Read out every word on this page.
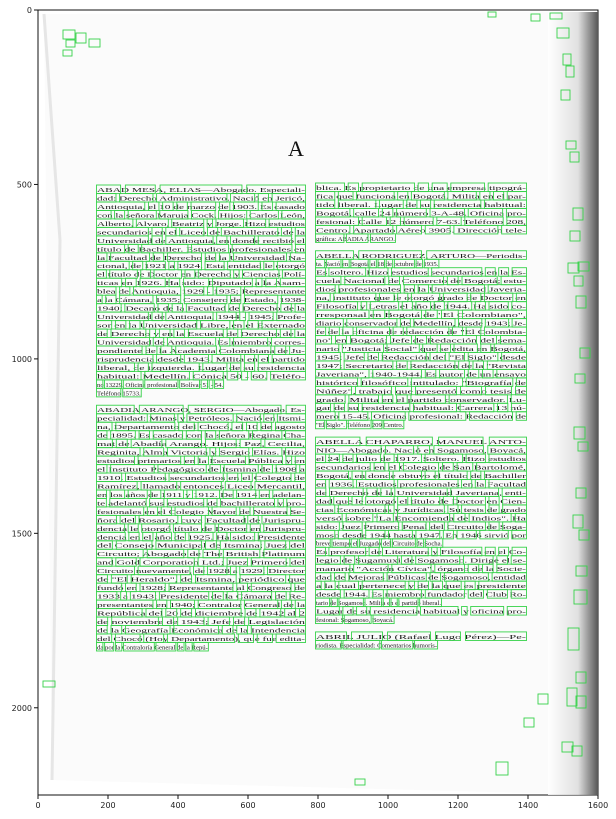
A
0	200	400	600	800	1000	1200	1400	1600
0
500
1000
1500
2000
ABAD MESA, ELIAS—Abogado. Especiali-
dad: Derecho Administrativo. Nació en Jericó,
Antioquia, el 10 de marzo de 1903. Es casado
con la señora Maruja Cock. Hijos: Carlos León,
Alberto, Alvaro, Beatriz y Jorge. Hizo estudios
secundarios en el Liceo de Bachillerato de la
Universidad de Antioquia, en donde recibió el
título de Bachiller. Estudios profesionales en
la Facultad de Derecho de la Universidad Na-
cional, de 1921 a 1924. Esta entidad le otorgó
el título de Doctor en Derecho y Ciencias Polí-
ticas en 1926. Ha sido: Diputado a la Asam-
blea de Antioquia, 1929 - 1935; Representante
a la Cámara, 1935; Consejero de Estado, 1938-
1940; Decano de la Facultad de Derecho de la
Universidad de Antioquia, 1944 - 1945; Profe-
sor en la Universidad Libre, en el Externado
de Derecho y en la Escuela de Derecho de la
Universidad de Antioquia. Es miembro corres-
pondiente de la Academia Colombiana de Ju-
risprudencia desde 1943. Milita en el partido
liberal, de izquierda. Lugar de su residencia
habitual: Medellín. Cónica 50 - 60. Teléfo-
no 13229. Oficina profesional: Bolívar 51 - 54.
Teléfono 15733.
ABADIA ARANGO, SERGIO—Abogado. Es-
pecialidad: Minas y Petróleos. Nació en Itsmi-
na, Departamento del Chocó, el 10 de agosto
de 1895. Es casado con la señora Regina Cha-
mat de Abadía Arango. Hijos: Paz, Cecilia,
Reginita, Alma Victoria y Sergio Elías. Hizo
estudios primarios en la Escuela Pública y en
el Instituto Pedagógico de Itsmina de 1908 a
1910. Estudios secundarios en el Colegio de
Ramírez, llamado entonces Liceo Mercantil,
en los años de 1911 y 1912. De 1914 en adelan-
te adelantó sus estudios de bachillerato y pro-
fesionales en el Colegio Mayor de Nuestra Se-
ñora del Rosario, cuya Facultad de Jurispru-
dencia le otorgó título de Doctor en Jurispru-
dencia en el año de 1925. Ha sido: Presidente
del Consejo Municipal de Itsmina; Juez del
Circuito; Abogado de The British Platinum
and Gold Corporation Ltd.; Juez Primero del
Circuito nuevamente, de 1928 a 1929; Director
de "El Heraldo", de Itsmina, periódico que
fundó en 1928; Representante al Congreso de
1933 a 1943; Presidente de la Cámara de Re-
presentantes en 1940; Contralor General de la
República del 20 de diciembre de 1942 al 2
de noviembre de 1943; Jefe de Legislación
de la Geografía Económica de la Intendencia
del Chocó (Hoy Departamento), que fue edita-
da por la Contraloría General de la Repú-
blica. Es propietario de una empresa tipográ-
fica que funciona en Bogotá. Milita en el par-
tido liberal. Lugar de su residencia habitual:
Bogotá, calle 24 número 3-A-48. Oficina pro-
fesional: Calle 12 número 7-63. Teléfono 208,
Centro. Apartado Aéreo 3905. Dirección tele-
gráfica: ABADIA ARANGO.
ABELLA RODRIGUEZ, ARTURO—Periodis-
ta. Nació en Bogotá el 18 de octubre de 1935.
Es soltero. Hizo estudios secundarios en la Es-
cuela Nacional de Comercio de Bogotá; estu-
dios profesionales en la Universidad Javeria-
na, instituto que le otorgó grado de Doctor en
Filosofía y Letras el año de 1944. Ha sido co-
rresponsal en Bogotá de "El Colombiano",
diario conservador de Medellín, desde 1943; Je-
fe de la oficina de redacción de "El Colombia-
no" en Bogotá; Jefe de Redacción del sema-
nario "Justicia Social" que se edita en Bogotá,
1945; Jefe de Redacción del "El Siglo" desde
1947; Secretario de Redacción de la "Revista
Javeriana", 1940-1944. Es autor de un ensayo
histórico filosófico intitulado: "Biografía de
Núñez", trabajo que presentó como tesis de
grado. Milita en el partido conservador. Lu-
gar de su residencia habitual: Carrera 13 nú-
mero 15-45. Oficina profesional: Redacción de
"El Siglo". Teléfono 209 Centro.
ABELLA CHAPARRO, MANUEL ANTO-
NIO—Abogado. Nació en Sogamoso, Boyacá,
el 24 de julio de 1917. Soltero. Hizo estudios
secundarios en el Colegio de San Bartolomé,
Bogotá, en donde obtuvo el título de Bachiller
en 1936. Estudios profesionales en la Facultad
de Derecho de la Universidad Javeriana, enti-
dad que le otorgó el título de Doctor en Cien-
cias Económicas y Jurídicas. Su tesis de grado
versó sobre "La Encomienda de Indios". Ha
sido: Juez Primero Penal del Circuito de Soga-
moso desde 1944 hasta 1947. En 1946 sirvió por
breve tiempo el Juzgado del Circuito de Socha.
Es profesor de Literatura y Filosofía en el Co-
legio de Sugamuxi de Sogamoso. Dirige el se-
manario "Acción Cívica", órgano de la Socie-
dad de Mejoras Públicas de Sogamoso, entidad
a la cual pertenece y de la que es presidente
desde 1944. Es miembro fundador del Club Ro-
tario de Sogamoso. Milita en el partido liberal.
Lugar de su residencia habitual y oficina pro-
fesional: Sogamoso, Boyacá.
ABRIL JULIO (Rafael Lugo Pérez)—Pe-
riodista. Especialidad: Comentarios humorís-
